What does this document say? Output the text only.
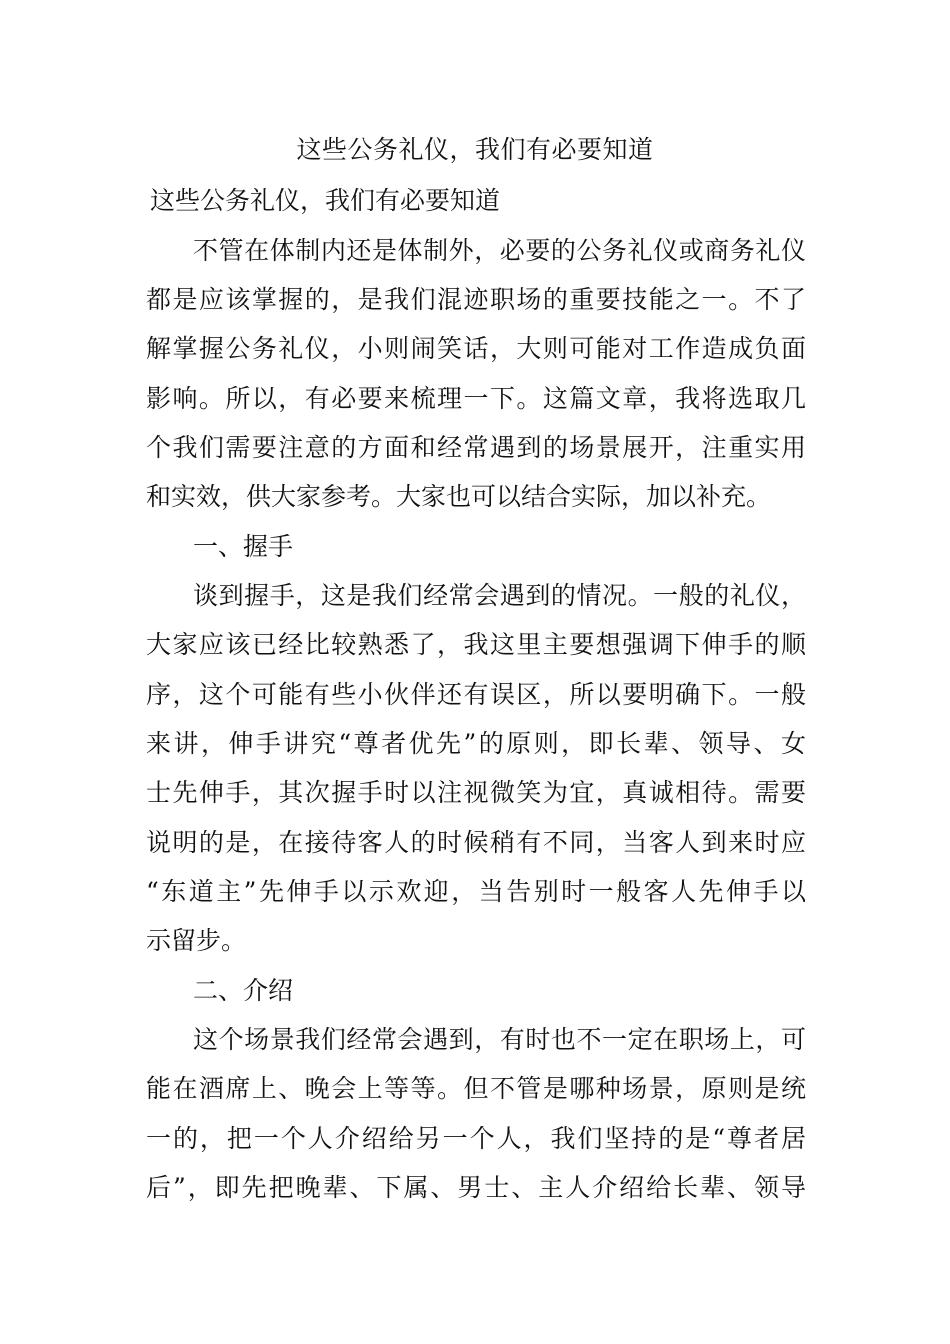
这些公务礼仪，我们有必要知道
这些公务礼仪，我们有必要知道
不管在体制内还是体制外，必要的公务礼仪或商务礼仪
都是应该掌握的，是我们混迹职场的重要技能之一。不了
解掌握公务礼仪，小则闹笑话，大则可能对工作造成负面
影响。所以，有必要来梳理一下。这篇文章，我将选取几
个我们需要注意的方面和经常遇到的场景展开，注重实用
和实效，供大家参考。大家也可以结合实际，加以补充。
一、握手
谈到握手，这是我们经常会遇到的情况。一般的礼仪，
大家应该已经比较熟悉了，我这里主要想强调下伸手的顺
序，这个可能有些小伙伴还有误区，所以要明确下。一般
来讲，伸手讲究“尊者优先”的原则，即长辈、领导、女
士先伸手，其次握手时以注视微笑为宜，真诚相待。需要
说明的是，在接待客人的时候稍有不同，当客人到来时应
“东道主”先伸手以示欢迎，当告别时一般客人先伸手以
示留步。
二、介绍
这个场景我们经常会遇到，有时也不一定在职场上，可
能在酒席上、晚会上等等。但不管是哪种场景，原则是统
一的，把一个人介绍给另一个人，我们坚持的是“尊者居
后”，即先把晚辈、下属、男士、主人介绍给长辈、领导
